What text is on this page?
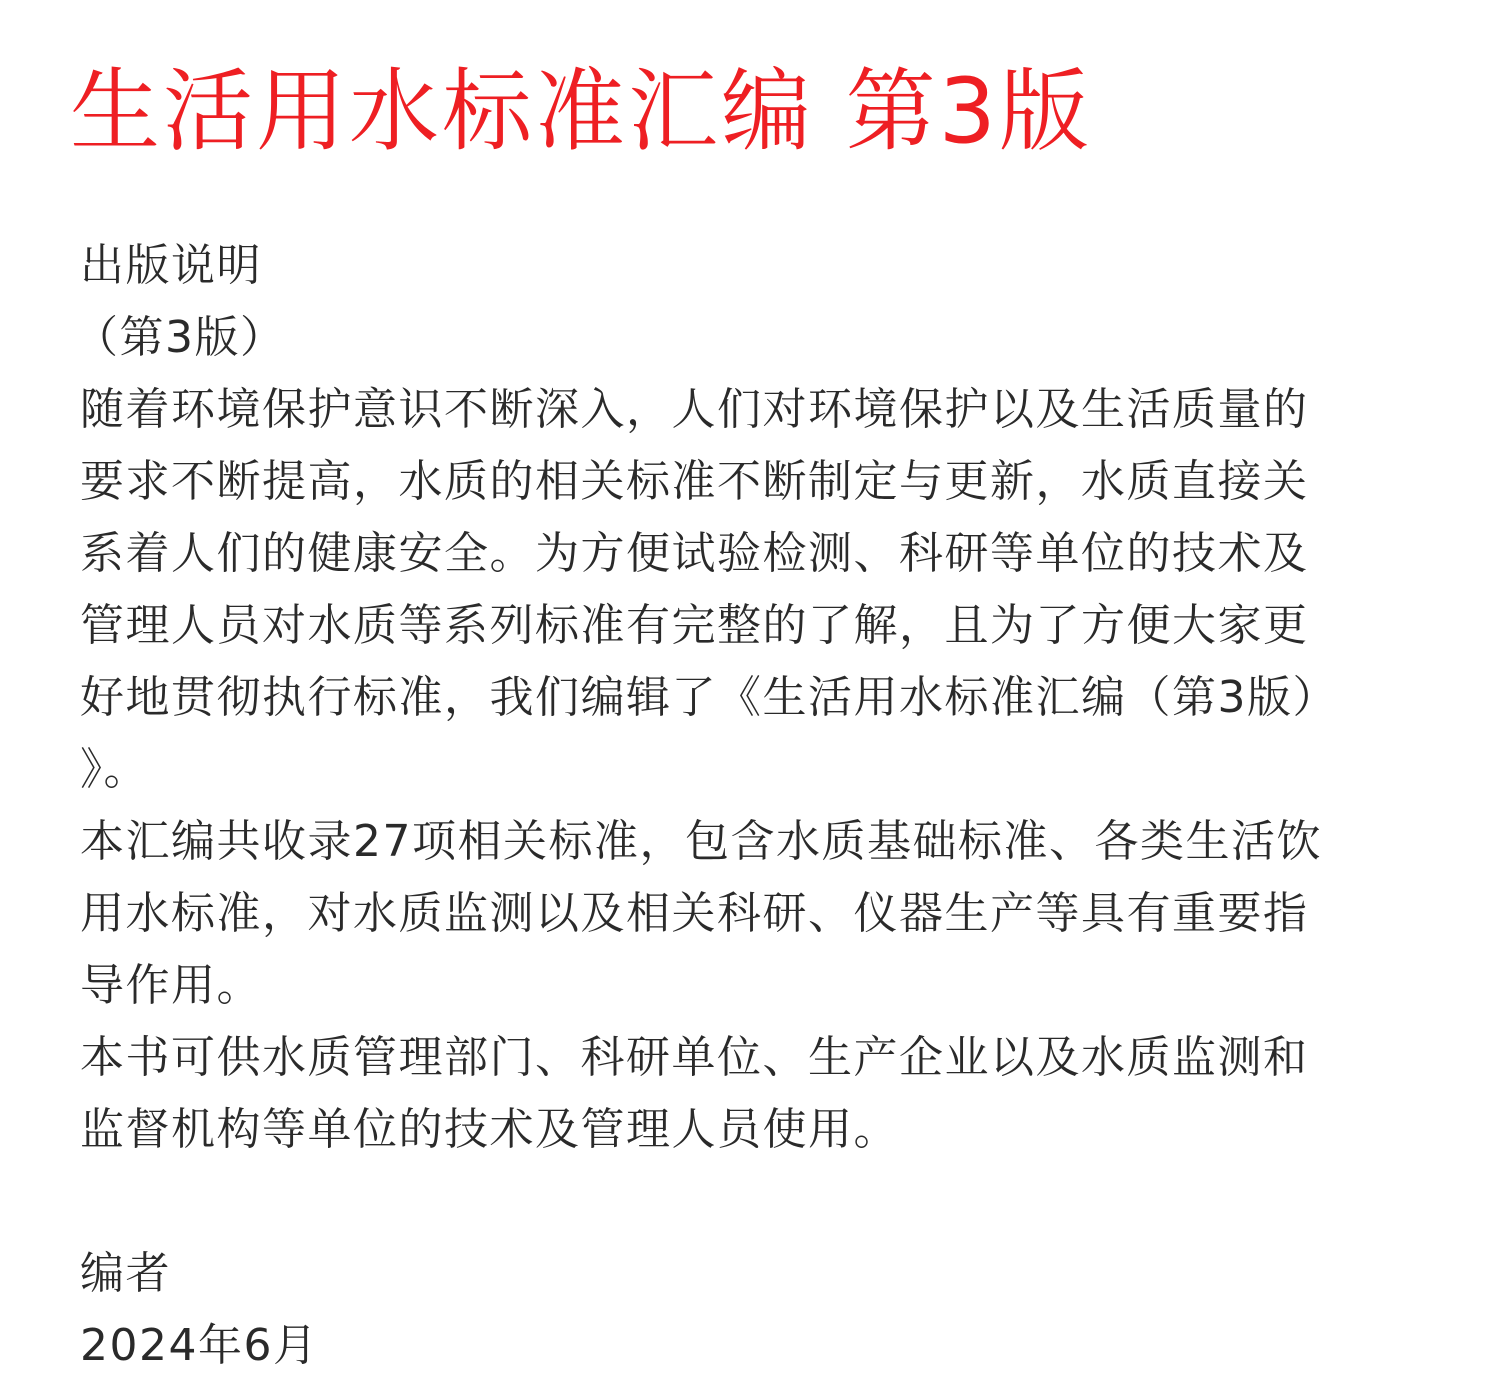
生活用水标准汇编 第3版

出版说明

（第3版）

随着环境保护意识不断深入，人们对环境保护以及生活质量的
要求不断提高，水质的相关标准不断制定与更新，水质直接关
系着人们的健康安全。为方便试验检测、科研等单位的技术及
管理人员对水质等系列标准有完整的了解，且为了方便大家更
好地贯彻执行标准，我们编辑了《生活用水标准汇编（第3版）
》。

本汇编共收录27项相关标准，包含水质基础标准、各类生活饮
用水标准，对水质监测以及相关科研、仪器生产等具有重要指
导作用。

本书可供水质管理部门、科研单位、生产企业以及水质监测和
监督机构等单位的技术及管理人员使用。

编者

2024年6月
